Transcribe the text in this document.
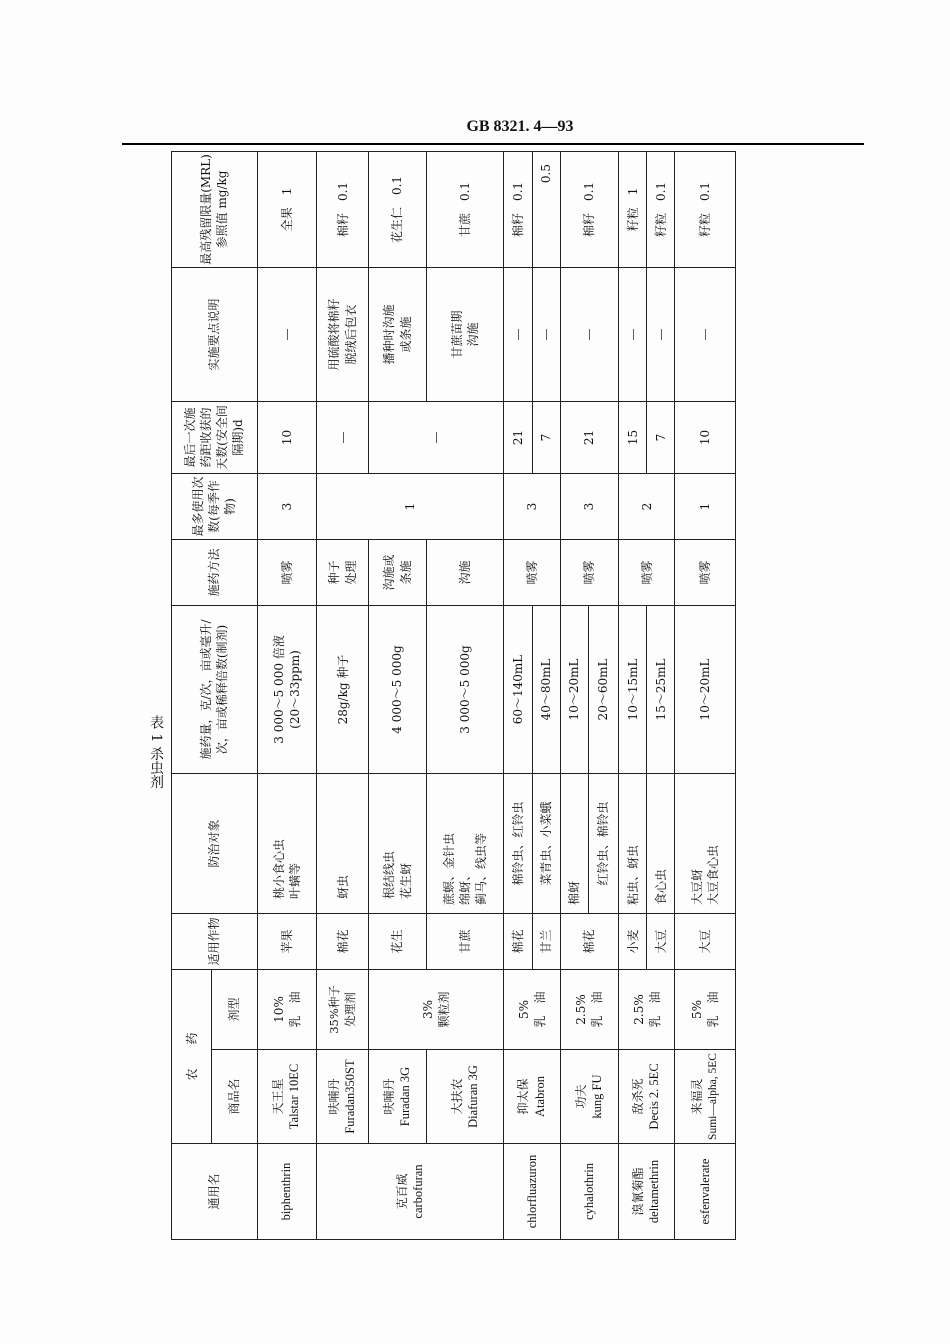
GB 8321. 4—93
表 1 杀虫剂
通用名	农　　药		适用作物	防治对象	施药量，克/次，亩或毫升/次，亩或稀释倍数(制剂)	施药方法	最多使用次数(每季作物)	最后一次施药距收获的天数(安全间隔期)d	实施要点说明	最高残留限量(MRL)参照值 mg/kg
	商品名	剂型								
biphenthrin	天王星 Talstar 10EC	10% 乳　油	苹果	桃小食心虫 叶螨等	3 000～5 000 倍液 (20～33ppm)	喷雾	3	10	—	全果　1

克百威 carbofuran	呋喃丹 Furadan350ST	35%种子 处理剂	棉花	蚜虫	28g/kg 种子	种子 处理	1	—	用硫酸将棉籽 脱绒后包衣	棉籽　0.1

	呋喃丹 Furadan 3G	3% 颗粒剂	花生	根结线虫 花生蚜	4 000～5 000g	沟施或 条施		—	播种时沟施 或条施	花生仁　0.1

	大扶农 Diafuran 3G		甘蔗	蔗螟、金针虫 绵蚜、 蓟马、线虫等	3 000～5 000g	沟施			甘蔗苗期 沟施	甘蔗　0.1
chlorfluazuron	抑太保 Atabron	5% 乳　油	棉花	棉铃虫、红铃虫	60～140mL	喷雾	3	21	—	棉籽　0.1
			甘兰	菜青虫、小菜蛾	40～80mL			7	—	0.5
cyhalothrin	功夫 kung FU	2.5% 乳　油	棉花	棉蚜	10～20mL	喷雾	3	21	—	棉籽　0.1
				红铃虫、棉铃虫	20～60mL					

溴氰菊酯 deltamethrin	敌杀死 Decis 2. 5EC	2.5% 乳　油	小麦	粘虫、蚜虫	10～15mL	喷雾	2	15	—	籽粒　1
			大豆	食心虫	15～25mL			7	—	籽粒　0.1
esfenvalerate	来福灵 Sumi—alpha, 5EC	5% 乳　油	大豆	大豆蚜 大豆食心虫	10～20mL	喷雾	1	10	—	籽粒　0.1
